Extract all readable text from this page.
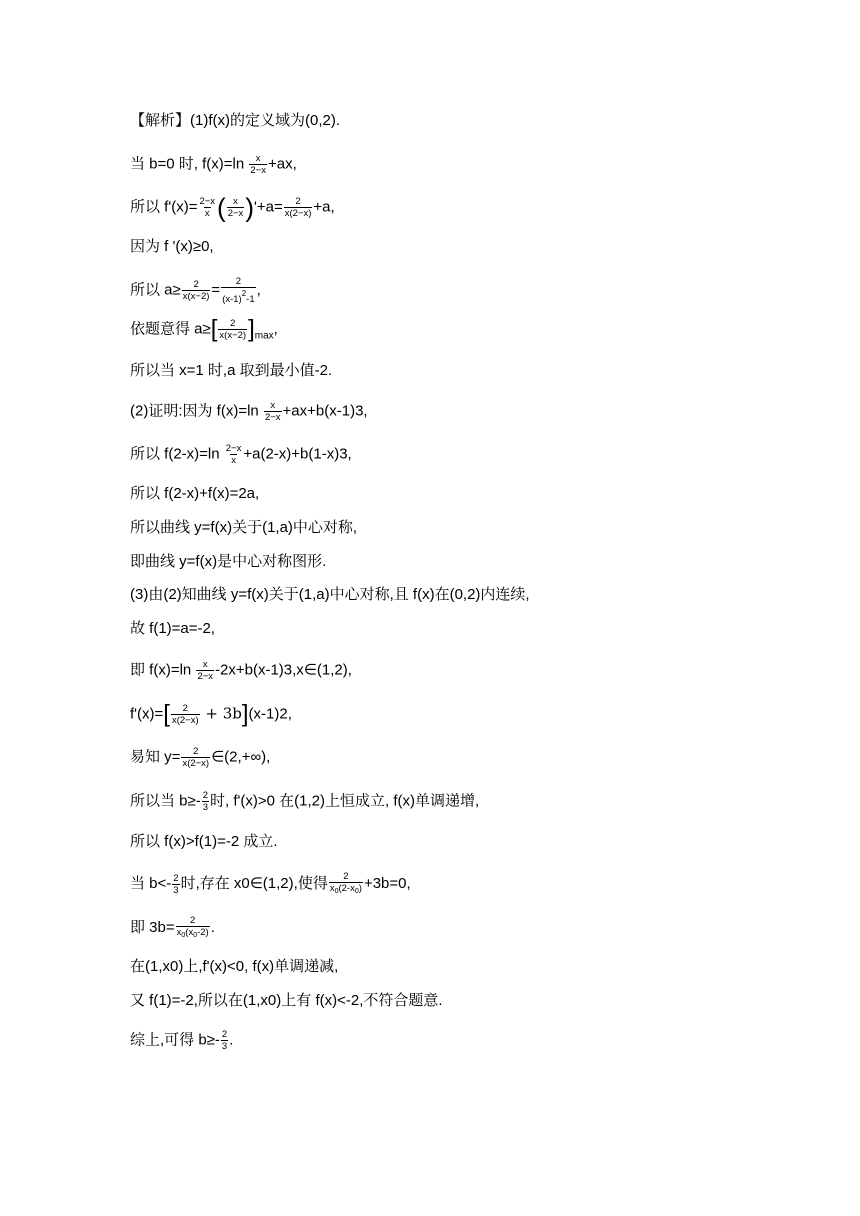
【解析】(1)f(x)的定义域为(0,2).
当 b=0 时, $f(x)=\ln \frac{x}{2-x} +ax$,
所以 $f'(x)= \frac{2-x}{x}$ ( $\frac{x}{2-x} )'+a= \frac{2}{x(2-x)} +a$,
因为 f '(x)≥0,
所以 $a\ge \frac{2}{x(x-2)} = \frac{2}{(x-1)^2-1}$ ,
依题意得 $a\ge[ \frac{2}{x(x-2)} ]_{max}$,
所以当 x=1 时,a 取到最小值-2.
(2)证明:因为 $f(x)=\ln \frac{x}{2-x} +ax+b(x-1)3$,
所以 $f(2-x)=\ln \frac{2-x}{x} +a(2-x)+b(1-x)3$,
所以 f(2-x)+f(x)=2a,
所以曲线 y=f(x)关于(1,a)中心对称,
即曲线 y=f(x)是中心对称图形.
(3)由(2)知曲线 y=f(x)关于(1,a)中心对称,且 f(x)在(0,2)内连续,
故 f(1)=a=-2,
即 $f(x)=\ln \frac{x}{2-x}$ -2x+b(x-1)3,x∈(1,2),
$f'(x)=[ \frac{2}{x(2-x)} + 3b](x-1)2$,
易知 $y= \frac{2}{x(2-x)}$ ∈(2,+∞),
所以当 $b\ge- \frac{2}{3}$ 时, f'(x)>0 在(1,2)上恒成立, f(x)单调递增,
所以 f(x)>f(1)=-2 成立.
当 $b<- \frac{2}{3}$ 时,存在 x0∈(1,2),使得 $\frac{2}{x_0(2-x_0)} +3b=0$,
即 $3b= \frac{2}{x_0(x_0-2)}$ .
在(1,x0)上,f'(x)<0, f(x)单调递减,
又 f(1)=-2,所以在(1,x0)上有 f(x)<-2,不符合题意.
综上,可得 $b\ge- \frac{2}{3}$ .
